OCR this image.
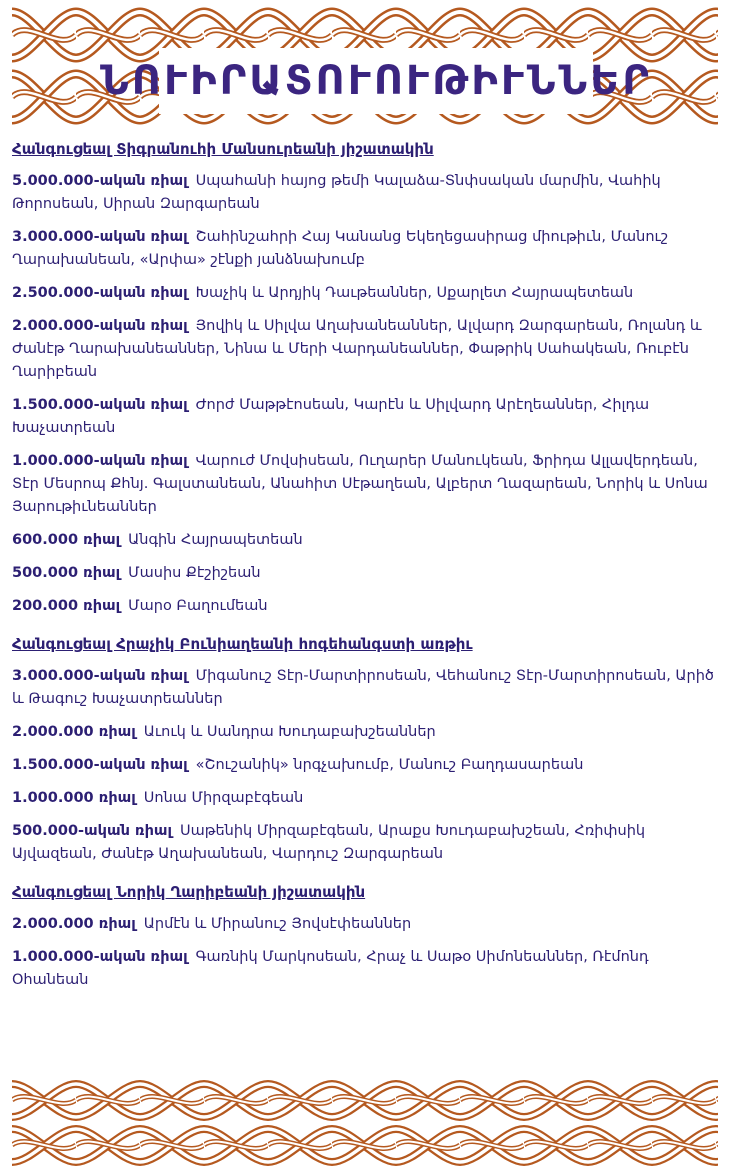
ՆՈՒԻՐԱՏՈՒՈՒԹԻՒՆՆԵՐ
Հանգուցեալ Տիգրանուհի Մանսուրեանի յիշատակին
5.000.000-ական ռիալ Սպահանի հայոց թեմի Կալաձա-Տնփսական մարմին, Վահիկ Թորոսեան, Սիրան Զարգարեան
3.000.000-ական ռիալ Շահինշահրի Հայ Կանանց Եկեղեցասիրաց միութիւն, Մանուշ Ղարախանեան, «Արփա» շէնքի յանձնախումբ
2.500.000-ական ռիալ Խաչիկ և Արդյիկ Դաւթեաններ, Սքարլետ Հայրապետեան
2.000.000-ական ռիալ Յովիկ և Սիլվա Աղախանեաններ, Ալվարդ Զարգարեան, Ռոլանդ և Ժանէթ Ղարախանեաններ, Նինա և Մերի Վարդանեաններ, Փաթրիկ Սահակեան, Ռուբէն Ղարիբեան
1.500.000-ական ռիալ Ժորժ Մաթթէոսեան, Կարէն և Սիլվարդ Արէղեաններ, Հիլդա Խաչատրեան
1.000.000-ական ռիալ Վարուժ Մովսիսեան, Ուղարեր Մանուկեան, Ֆրիդա Ալլավերդեան, Տէր Մեսրոպ Քհնյ. Գալստանեան, Անահիտ Սէթաղեան, Ալբերտ Ղազարեան, Նորիկ և Սոնա Յարութիւնեաններ
600.000 ռիալ Անգին Հայրապետեան
500.000 ռիալ Մասիս Քէշիշեան
200.000 ռիալ Մարօ Բաղումեան
Հանգուցեալ Հրաչիկ Բունիաղեանի հոգեհանգստի առթիւ
3.000.000-ական ռիալ Միգանուշ Տէր-Մարտիրոսեան, Վեհանուշ Տէր-Մարտիրոսեան, Արիծ և Թագուշ Խաչատրեաններ
2.000.000 ռիալ Աւուկ և Սանդրա Խուդաբախշեաններ
1.500.000-ական ռիալ «Շուշանիկ» նրգչախումբ, Մանուշ Բաղդասարեան
1.000.000 ռիալ Սոնա Միրզաբէգեան
500.000-ական ռիալ Սաթենիկ Միրզաբէգեան, Արաքս Խուդաբախշեան, Հռիփսիկ Այվազեան, Ժանէթ Աղախանեան, Վարդուշ Զարգարեան
Հանգուցեալ Նորիկ Ղարիբեանի յիշատակին
2.000.000 ռիալ Արմէն և Միրանուշ Յովսէփեաններ
1.000.000-ական ռիալ Գառնիկ Մարկոսեան, Հրաչ և Սաթօ Սիմոնեաններ, Ռէմոնդ Օհանեան
